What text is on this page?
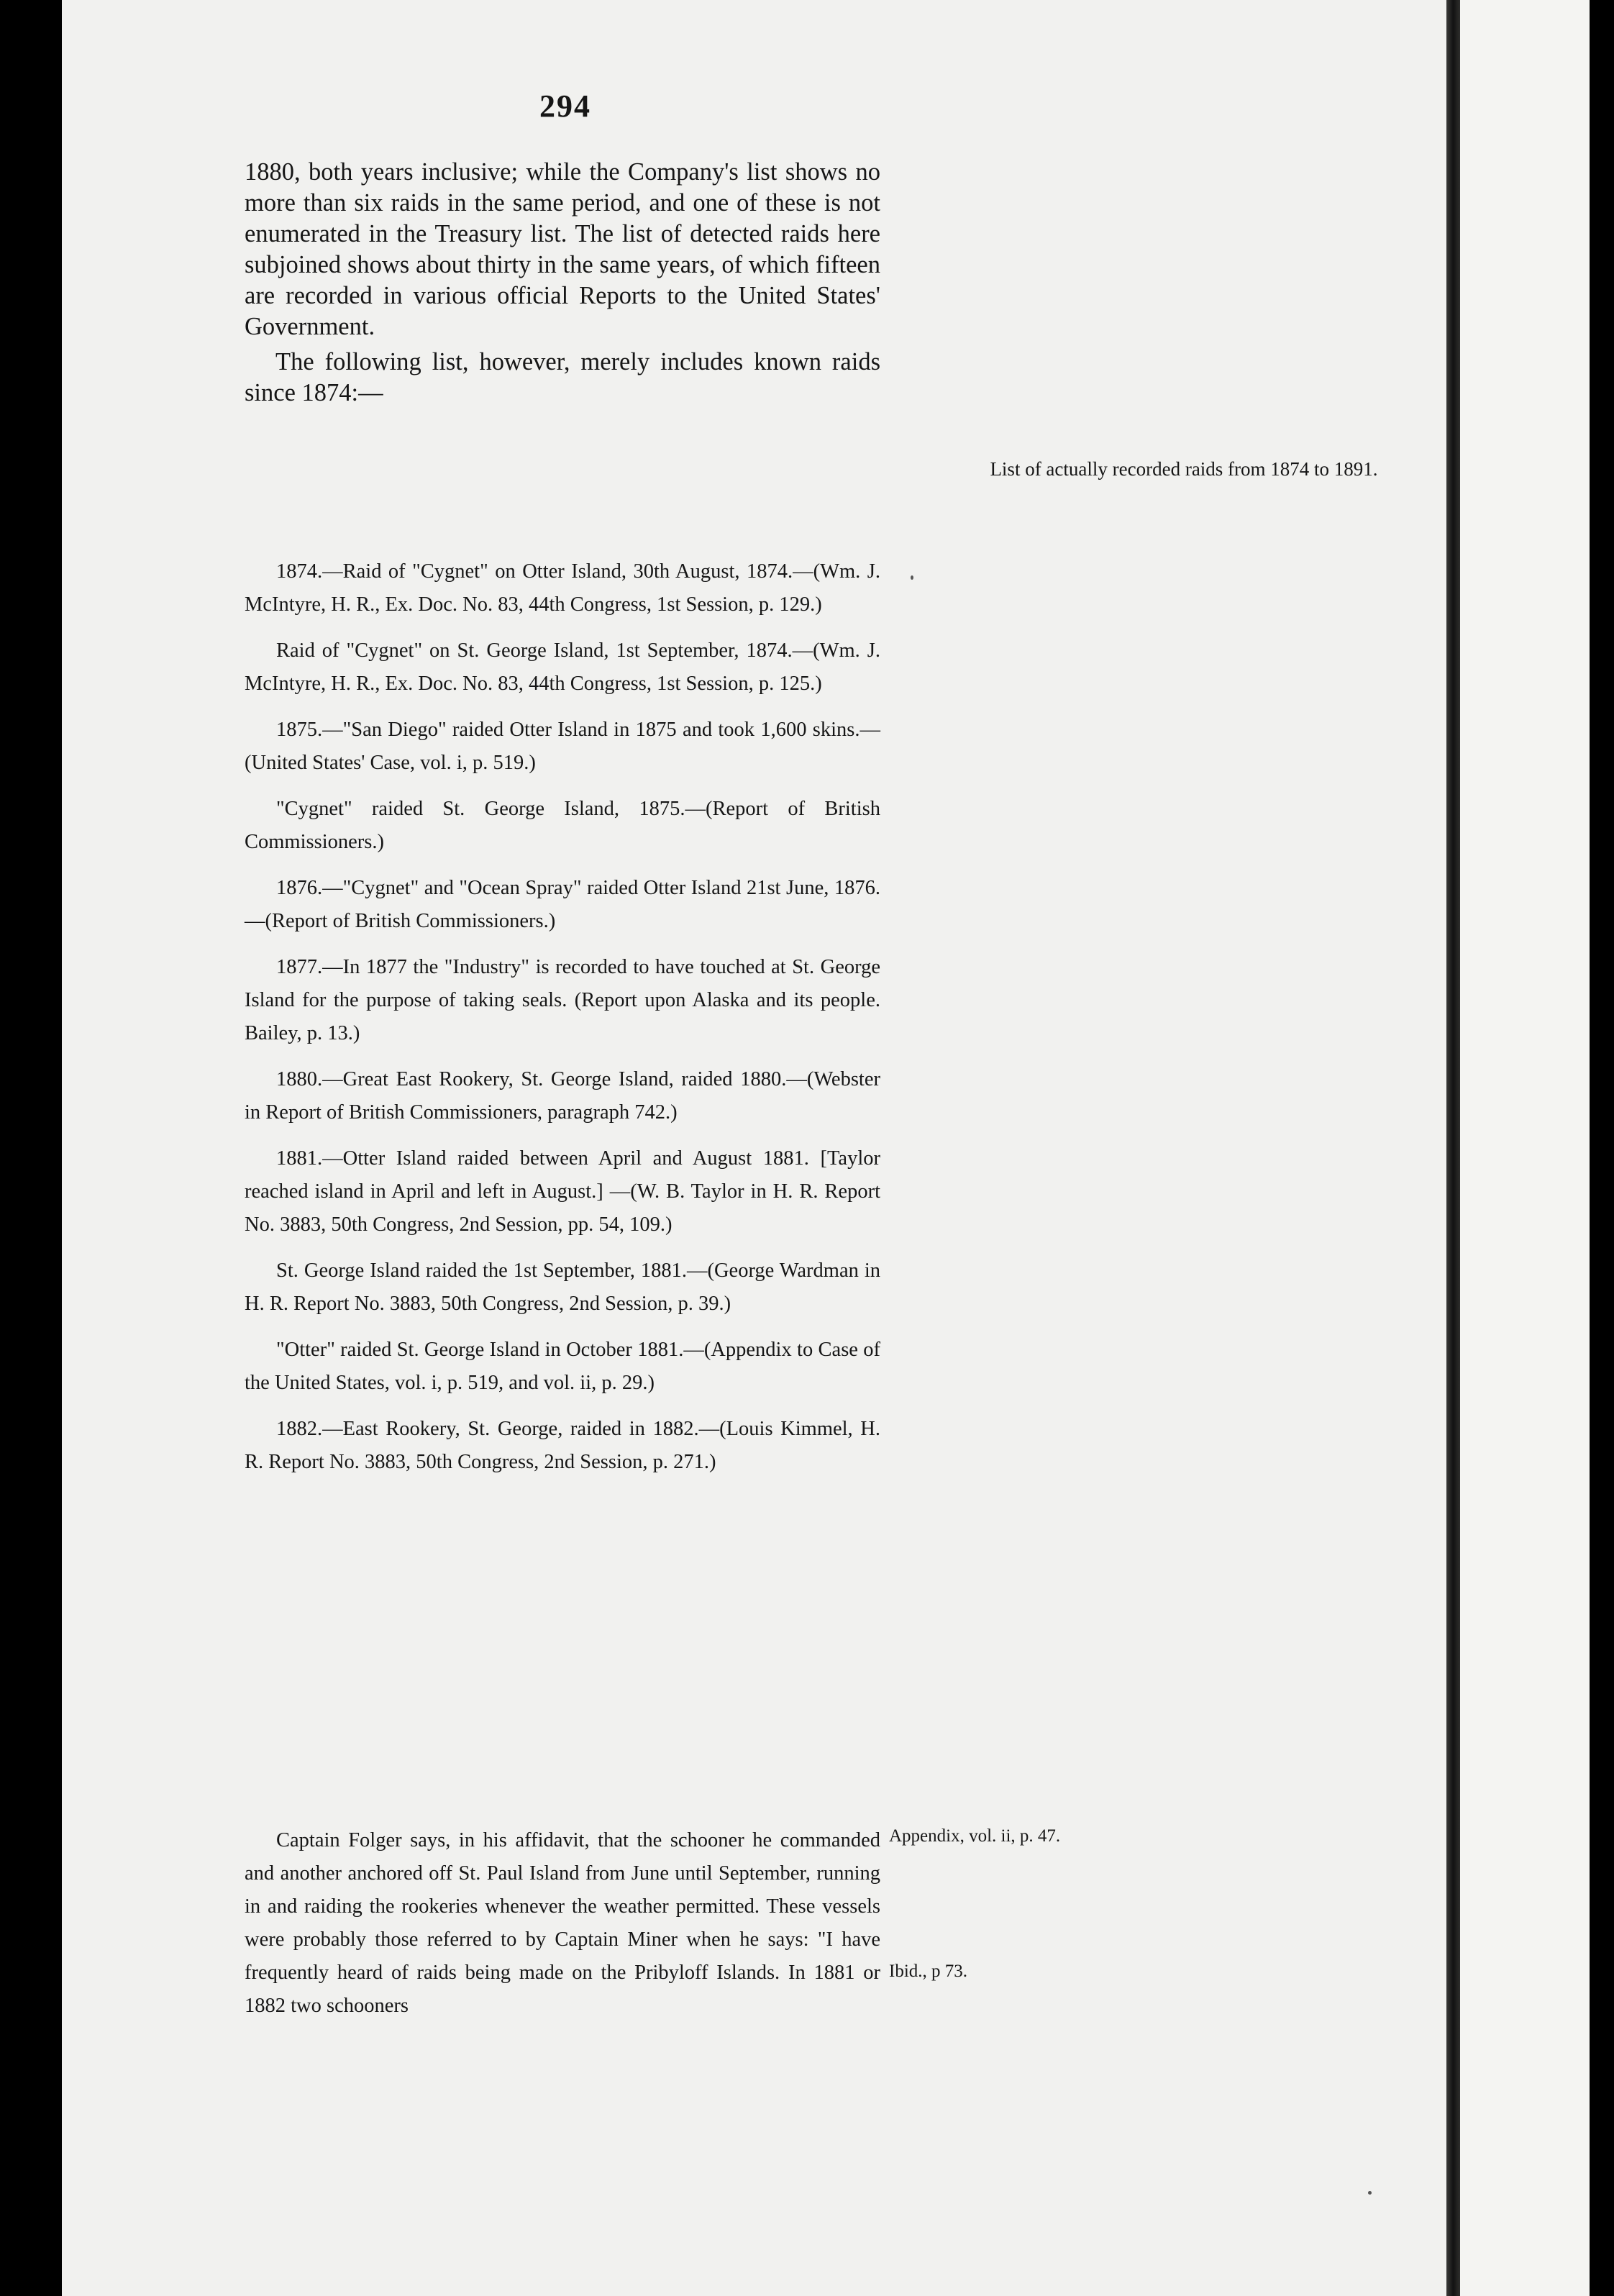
294

1880, both years inclusive; while the Company's list shows no more than six raids in the same period, and one of these is not enumerated in the Treasury list. The list of detected raids here subjoined shows about thirty in the same years, of which fifteen are recorded in various official Reports to the United States' Government.

The following list, however, merely includes known raids since 1874:—

1874.—Raid of "Cygnet" on Otter Island, 30th August, 1874.—(Wm. J. McIntyre, H. R., Ex. Doc. No. 83, 44th Congress, 1st Session, p. 129.)

Raid of "Cygnet" on St. George Island, 1st September, 1874.—(Wm. J. McIntyre, H. R., Ex. Doc. No. 83, 44th Congress, 1st Session, p. 125.)

1875.—"San Diego" raided Otter Island in 1875 and took 1,600 skins.—(United States' Case, vol. i, p. 519.)

"Cygnet" raided St. George Island, 1875.—(Report of British Commissioners.)

1876.—"Cygnet" and "Ocean Spray" raided Otter Island 21st June, 1876.—(Report of British Commissioners.)

1877.—In 1877 the "Industry" is recorded to have touched at St. George Island for the purpose of taking seals. (Report upon Alaska and its people. Bailey, p. 13.)

1880.—Great East Rookery, St. George Island, raided 1880.—(Webster in Report of British Commissioners, paragraph 742.)

1881.—Otter Island raided between April and August 1881. [Taylor reached island in April and left in August.] —(W. B. Taylor in H. R. Report No. 3883, 50th Congress, 2nd Session, pp. 54, 109.)

St. George Island raided the 1st September, 1881.—(George Wardman in H. R. Report No. 3883, 50th Congress, 2nd Session, p. 39.)

"Otter" raided St. George Island in October 1881.—(Appendix to Case of the United States, vol. i, p. 519, and vol. ii, p. 29.)

1882.—East Rookery, St. George, raided in 1882.—(Louis Kimmel, H. R. Report No. 3883, 50th Congress, 2nd Session, p. 271.)

Captain Folger says, in his affidavit, that the schooner he commanded and another anchored off St. Paul Island from June until September, running in and raiding the rookeries whenever the weather permitted. These vessels were probably those referred to by Captain Miner when he says: "I have frequently heard of raids being made on the Pribyloff Islands. In 1881 or 1882 two schooners

List of actually recorded raids from 1874 to 1891.
Appendix, vol. ii, p. 47.
Ibid., p 73.
